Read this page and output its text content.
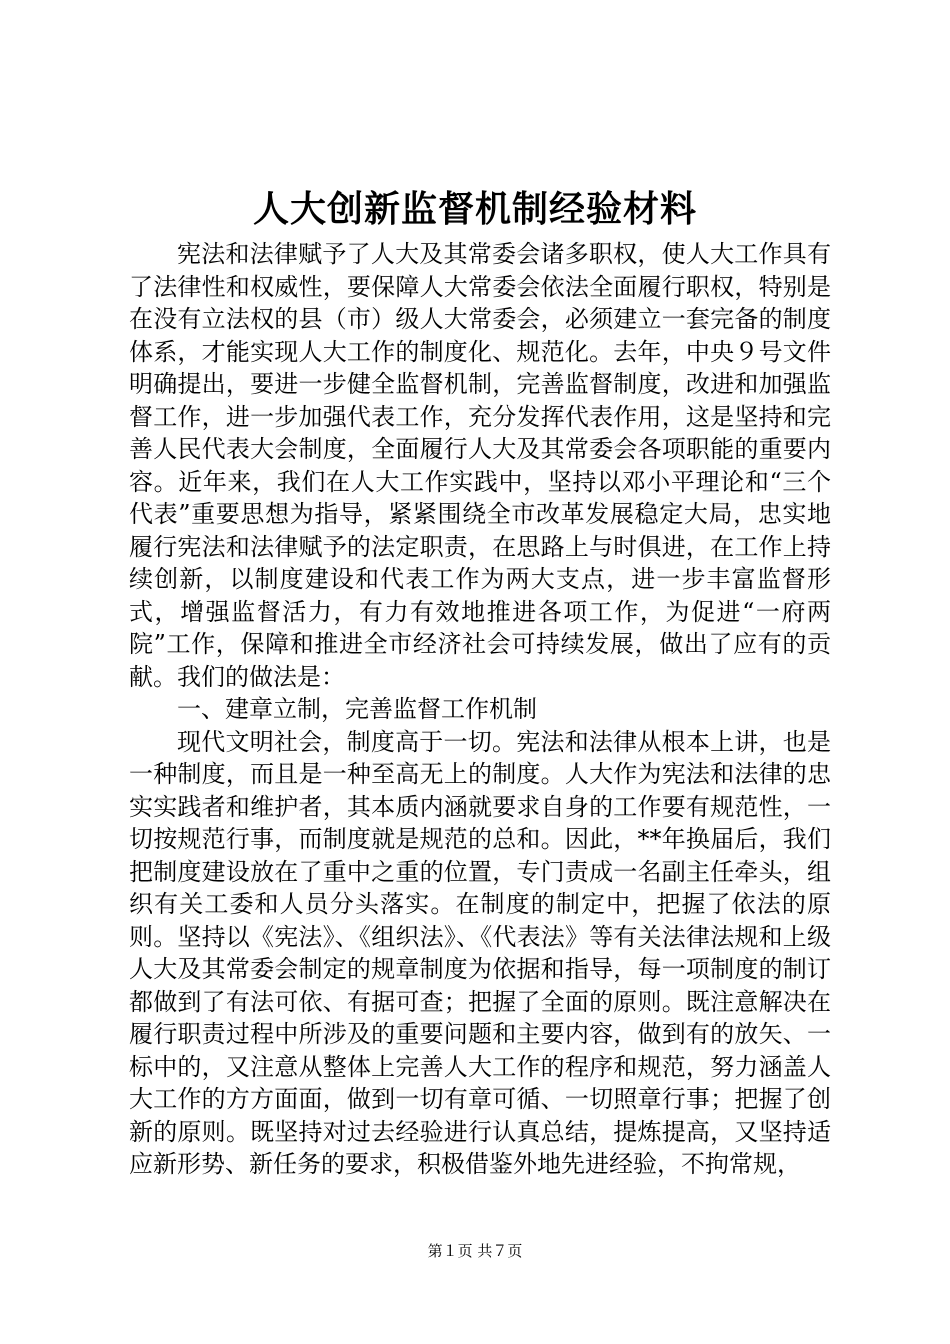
人大创新监督机制经验材料

宪法和法律赋予了人大及其常委会诸多职权，使人大工作具有了法律性和权威性，要保障人大常委会依法全面履行职权，特别是在没有立法权的县（市）级人大常委会，必须建立一套完备的制度体系，才能实现人大工作的制度化、规范化。去年，中央９号文件明确提出，要进一步健全监督机制，完善监督制度，改进和加强监督工作，进一步加强代表工作，充分发挥代表作用，这是坚持和完善人民代表大会制度，全面履行人大及其常委会各项职能的重要内容。近年来，我们在人大工作实践中，坚持以邓小平理论和“三个代表”重要思想为指导，紧紧围绕全市改革发展稳定大局，忠实地履行宪法和法律赋予的法定职责，在思路上与时俱进，在工作上持续创新，以制度建设和代表工作为两大支点，进一步丰富监督形式，增强监督活力，有力有效地推进各项工作，为促进“一府两院”工作，保障和推进全市经济社会可持续发展，做出了应有的贡献。我们的做法是：

一、建章立制，完善监督工作机制

现代文明社会，制度高于一切。宪法和法律从根本上讲，也是一种制度，而且是一种至高无上的制度。人大作为宪法和法律的忠实实践者和维护者，其本质内涵就要求自身的工作要有规范性，一切按规范行事，而制度就是规范的总和。因此，**年换届后，我们把制度建设放在了重中之重的位置，专门责成一名副主任牵头，组织有关工委和人员分头落实。在制度的制定中，把握了依法的原则。坚持以《宪法》、《组织法》、《代表法》等有关法律法规和上级人大及其常委会制定的规章制度为依据和指导，每一项制度的制订都做到了有法可依、有据可查；把握了全面的原则。既注意解决在履行职责过程中所涉及的重要问题和主要内容，做到有的放矢、一标中的，又注意从整体上完善人大工作的程序和规范，努力涵盖人大工作的方方面面，做到一切有章可循、一切照章行事；把握了创新的原则。既坚持对过去经验进行认真总结，提炼提高，又坚持适应新形势、新任务的要求，积极借鉴外地先进经验，不拘常规，

第１页 共７页
